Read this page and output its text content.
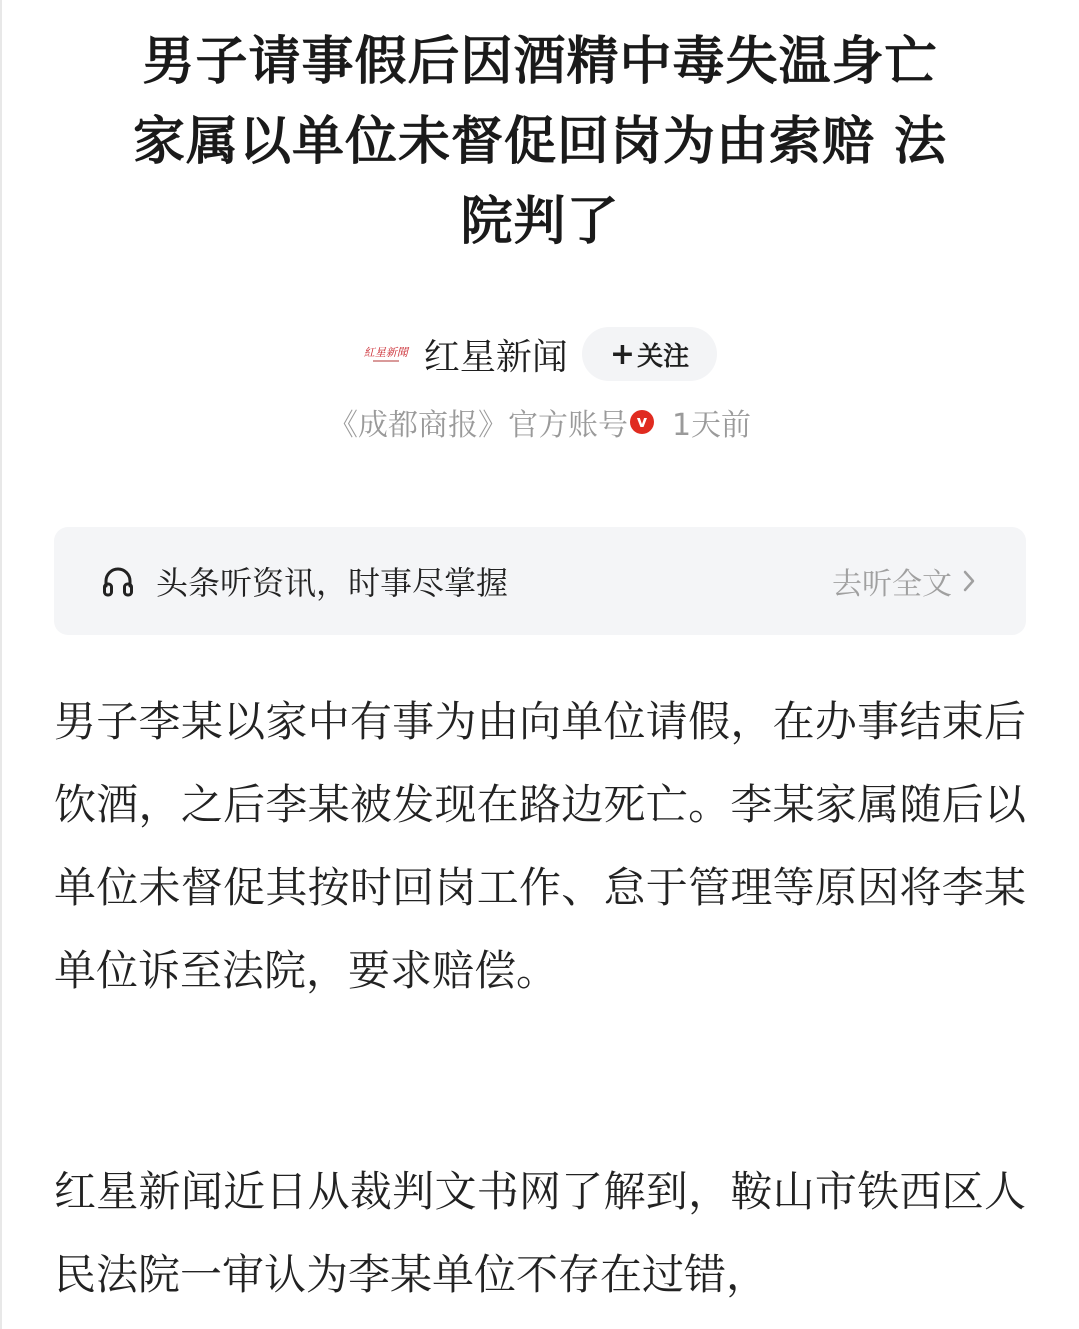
男子请事假后因酒精中毒失温身亡 家属以单位未督促回岗为由索赔 法院判了
紅星新聞 红星新闻 + 关注
《成都商报》官方账号 v 1天前
头条听资讯，时事尽掌握	去听全文

男子李某以家中有事为由向单位请假，在办事结束后饮酒，之后李某被发现在路边死亡。李某家属随后以单位未督促其按时回岗工作、怠于管理等原因将李某单位诉至法院，要求赔偿。

红星新闻近日从裁判文书网了解到，鞍山市铁西区人民法院一审认为李某单位不存在过错，
